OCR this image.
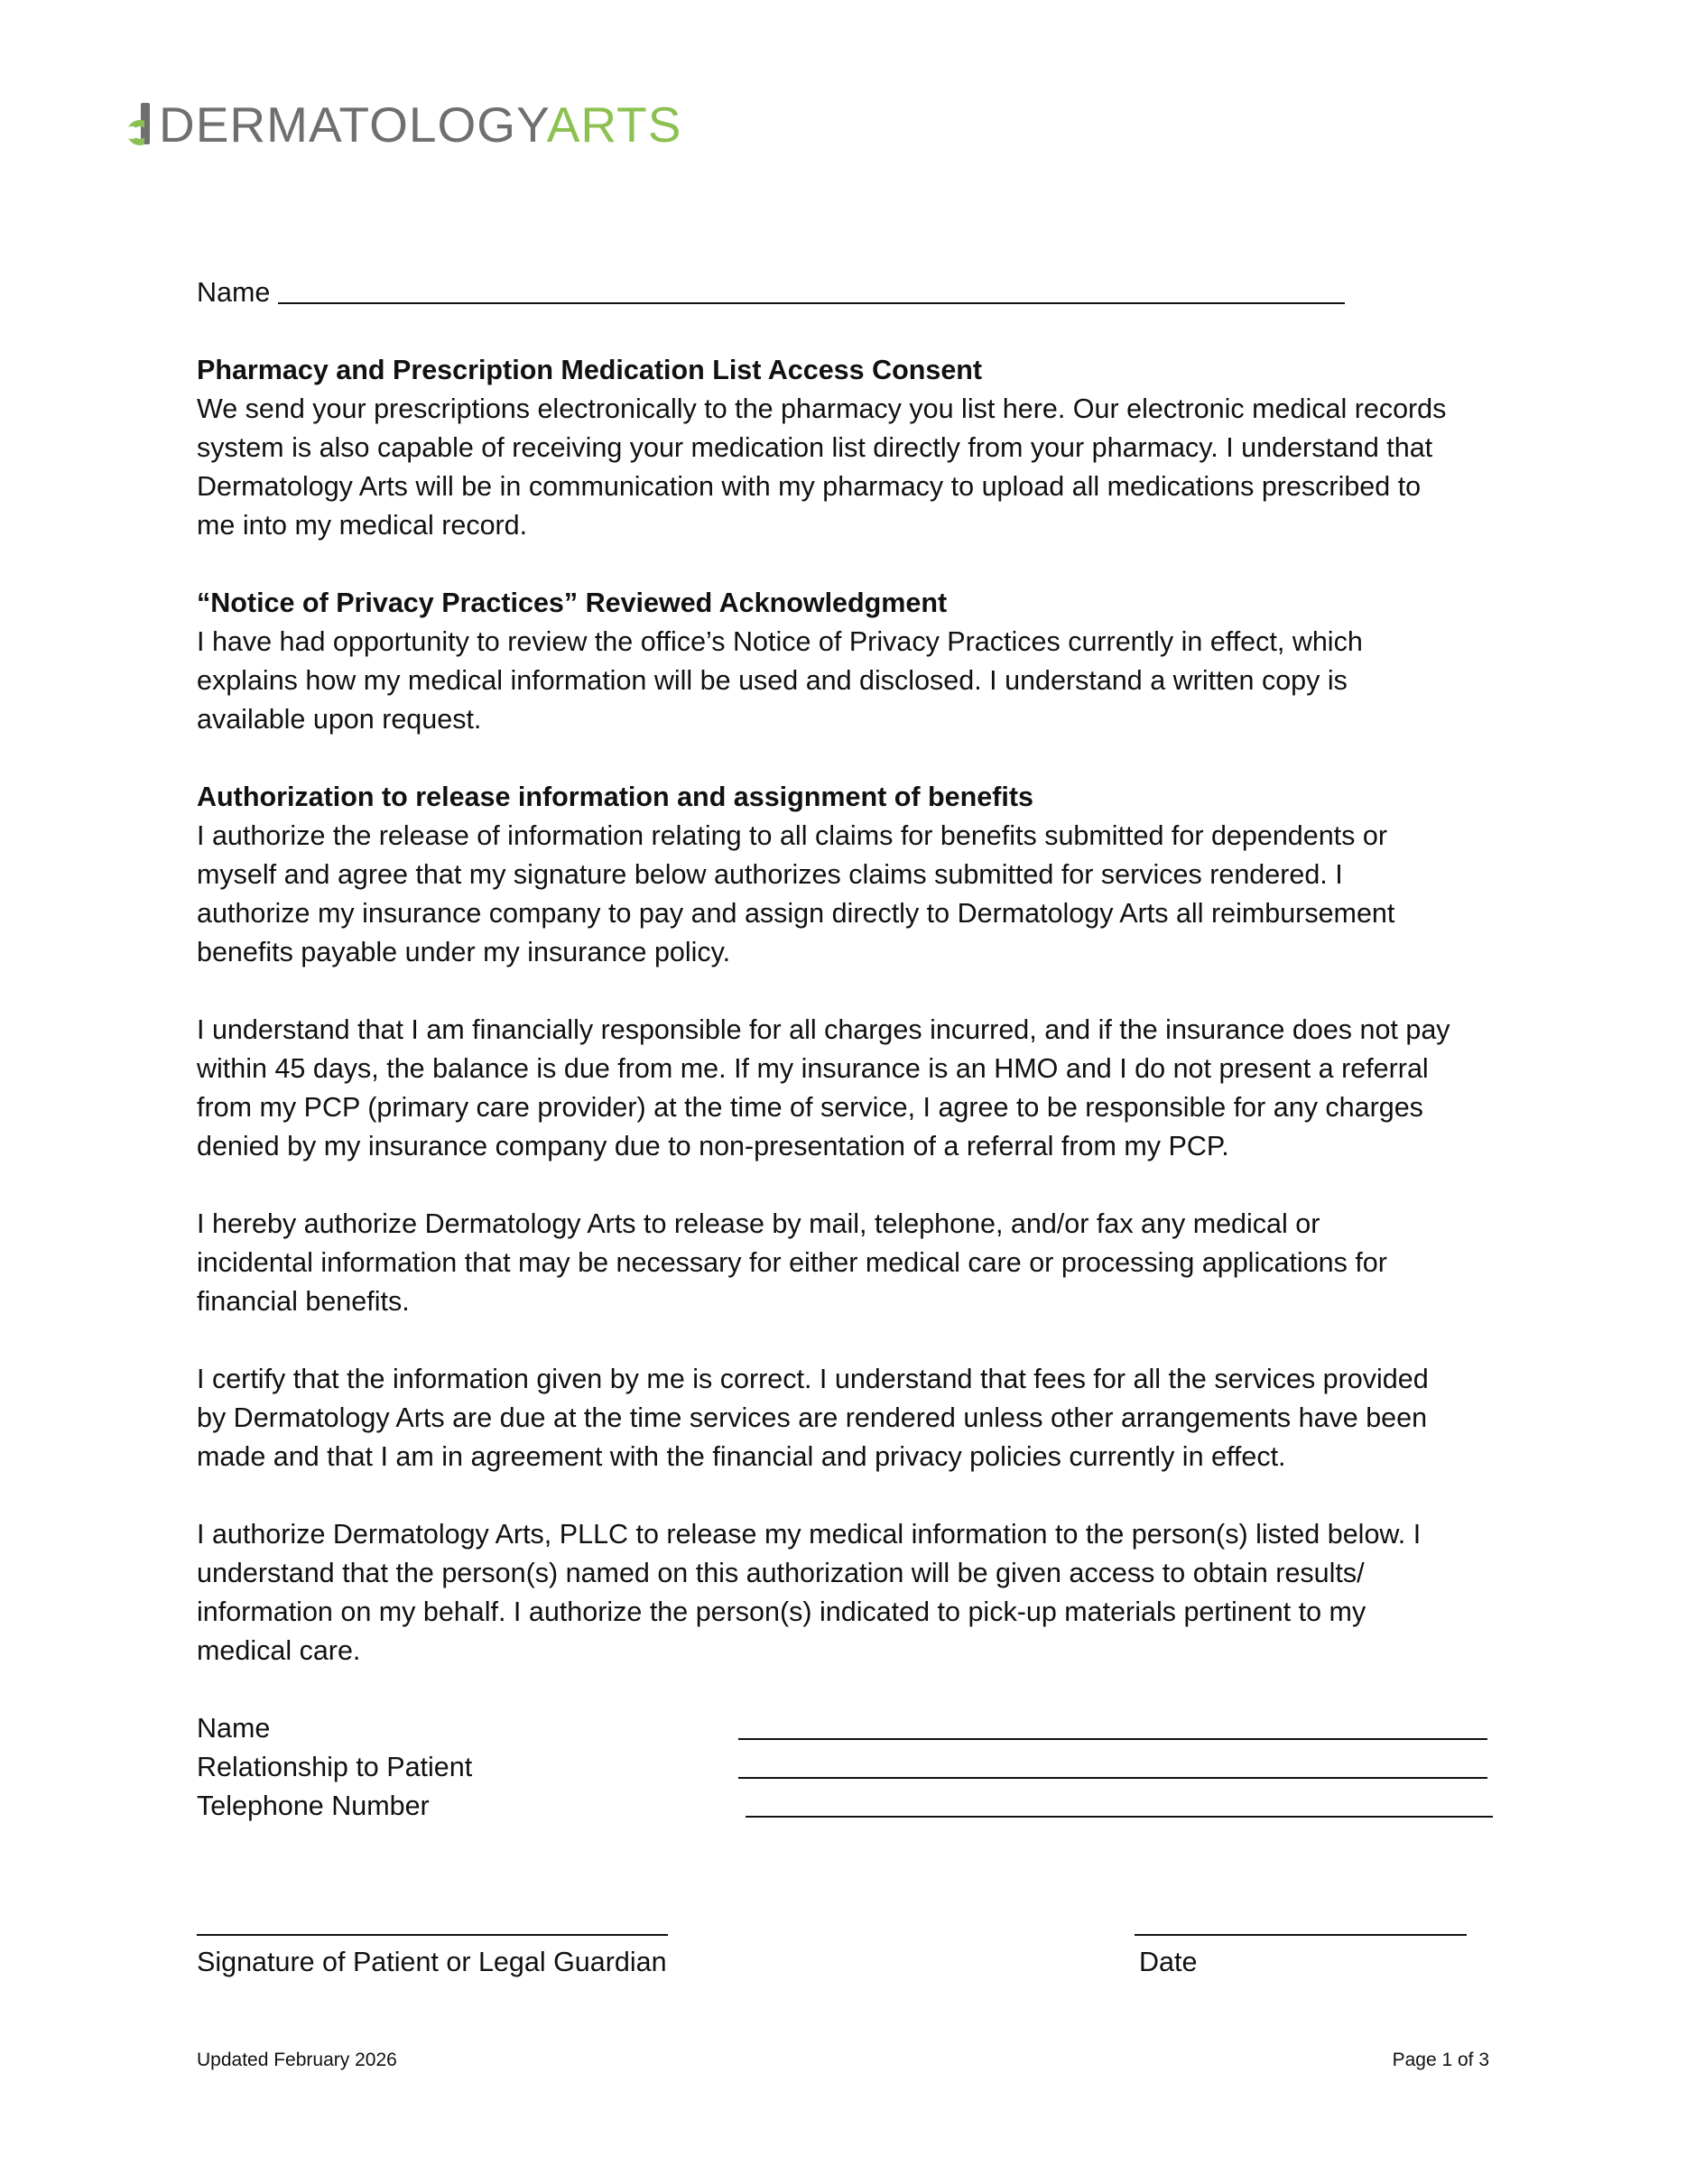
DERMATOLOGYARTS
Name
Pharmacy and Prescription Medication List Access Consent
We send your prescriptions electronically to the pharmacy you list here. Our electronic medical records
system is also capable of receiving your medication list directly from your pharmacy. I understand that
Dermatology Arts will be in communication with my pharmacy to upload all medications prescribed to
me into my medical record.
“Notice of Privacy Practices” Reviewed Acknowledgment
I have had opportunity to review the office’s Notice of Privacy Practices currently in effect, which
explains how my medical information will be used and disclosed. I understand a written copy is
available upon request.
Authorization to release information and assignment of benefits
I authorize the release of information relating to all claims for benefits submitted for dependents or
myself and agree that my signature below authorizes claims submitted for services rendered. I
authorize my insurance company to pay and assign directly to Dermatology Arts all reimbursement
benefits payable under my insurance policy.
I understand that I am financially responsible for all charges incurred, and if the insurance does not pay
within 45 days, the balance is due from me. If my insurance is an HMO and I do not present a referral
from my PCP (primary care provider) at the time of service, I agree to be responsible for any charges
denied by my insurance company due to non-presentation of a referral from my PCP.
I hereby authorize Dermatology Arts to release by mail, telephone, and/or fax any medical or
incidental information that may be necessary for either medical care or processing applications for
financial benefits.
I certify that the information given by me is correct. I understand that fees for all the services provided
by Dermatology Arts are due at the time services are rendered unless other arrangements have been
made and that I am in agreement with the financial and privacy policies currently in effect.
I authorize Dermatology Arts, PLLC to release my medical information to the person(s) listed below. I
understand that the person(s) named on this authorization will be given access to obtain results/
information on my behalf. I authorize the person(s) indicated to pick-up materials pertinent to my
medical care.
Name
Relationship to Patient
Telephone Number
Signature of Patient or Legal Guardian	Date
Updated February 2026	Page 1 of 3
